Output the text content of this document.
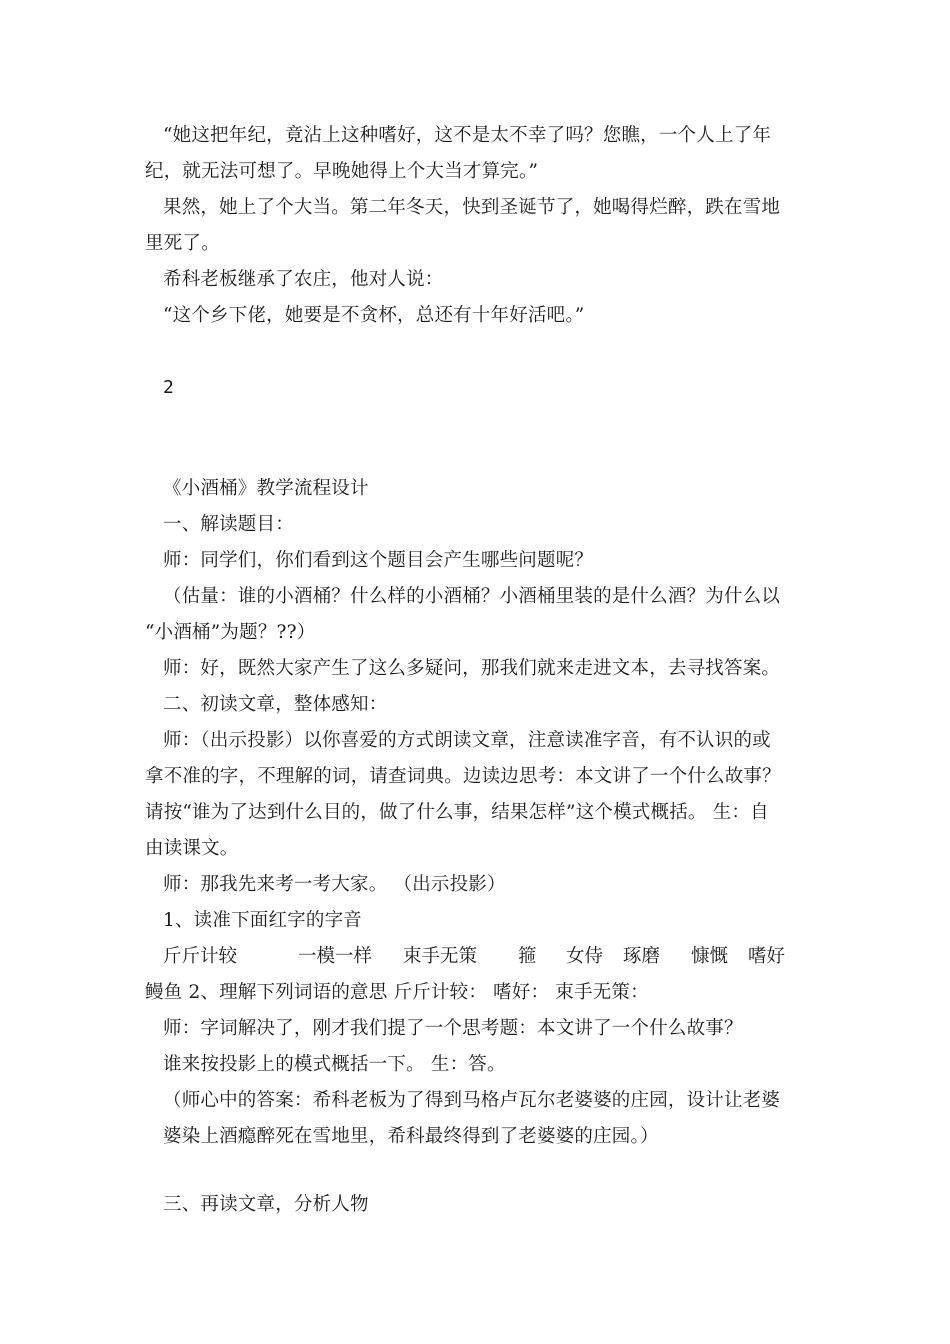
“她这把年纪，竟沾上这种嗜好，这不是太不幸了吗？您瞧，一个人上了年
纪，就无法可想了。早晚她得上个大当才算完。”
果然，她上了个大当。第二年冬天，快到圣诞节了，她喝得烂醉，跌在雪地
里死了。
希科老板继承了农庄，他对人说：
“这个乡下佬，她要是不贪杯，总还有十年好活吧。”
2
《小酒桶》教学流程设计
一、解读题目：
师：同学们，你们看到这个题目会产生哪些问题呢？
（估量：谁的小酒桶？什么样的小酒桶？小酒桶里装的是什么酒？为什么以
“小酒桶”为题？??）
师：好，既然大家产生了这么多疑问，那我们就来走进文本，去寻找答案。
二、初读文章，整体感知：
师：（出示投影）以你喜爱的方式朗读文章，注意读准字音，有不认识的或
拿不准的字，不理解的词，请查词典。边读边思考：本文讲了一个什么故事？
请按“谁为了达到什么目的，做了什么事，结果怎样”这个模式概括。 生：自
由读课文。
师：那我先来考一考大家。 （出示投影）
1、读准下面红字的字音
斤斤计较	一模一样 束手无策 箍 女侍 琢磨 慷慨 嗜好
鳗鱼 2、理解下列词语的意思 斤斤计较： 嗜好： 束手无策：
师：字词解决了，刚才我们提了一个思考题：本文讲了一个什么故事？
谁来按投影上的模式概括一下。 生：答。
（师心中的答案：希科老板为了得到马格卢瓦尔老婆婆的庄园，设计让老婆
婆染上酒瘾醉死在雪地里，希科最终得到了老婆婆的庄园。）
三、再读文章，分析人物
